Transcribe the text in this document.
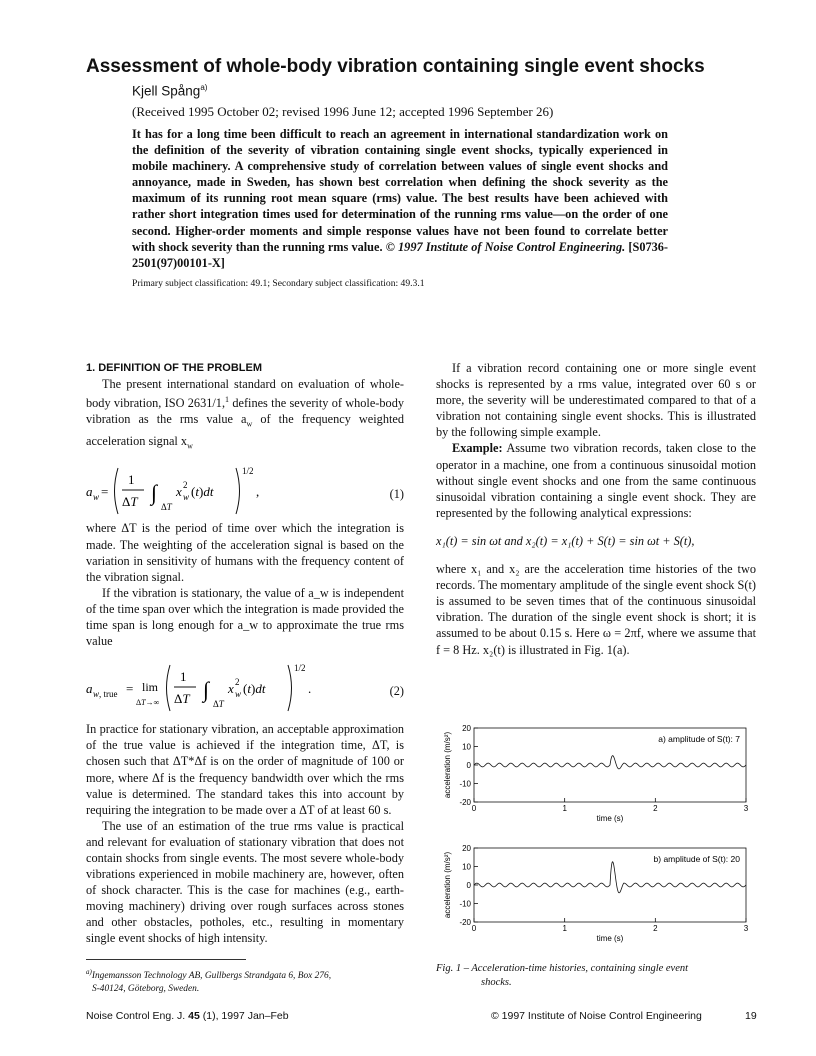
Assessment of whole-body vibration containing single event shocks
Kjell Spång$^{a)}$
(Received 1995 October 02; revised 1996 June 12; accepted 1996 September 26)
It has for a long time been difficult to reach an agreement in international standardization work on the definition of the severity of vibration containing single event shocks, typically experienced in mobile machinery. A comprehensive study of correlation between values of single event shocks and annoyance, made in Sweden, has shown best correlation when defining the shock severity as the maximum of its running root mean square (rms) value. The best results have been achieved with rather short integration times used for determination of the running rms value—on the order of one second. Higher-order moments and simple response values have not been found to correlate better with shock severity than the running rms value. © 1997 Institute of Noise Control Engineering. [S0736-2501(97)00101-X]
Primary subject classification: 49.1; Secondary subject classification: 49.3.1

1. DEFINITION OF THE PROBLEM

The present international standard on evaluation of whole-body vibration, ISO 2631/1,$^1$ defines the severity of whole-body vibration as the rms value $a_w$ of the frequency weighted acceleration signal $x_w$

a w =
1
ΔT ∫
ΔT
x 2
w (t)dt
1/2
,	(1)

where ΔT is the period of time over which the integration is made. The weighting of the acceleration signal is based on the variation in sensitivity of humans with the frequency content of the vibration signal.

If the vibration is stationary, the value of a_w is independent of the time span over which the integration is made provided the time span is long enough for a_w to approximate the true rms value

a w, true = lim
ΔT→∞
1
ΔT ∫
ΔT
x 2
w (t)dt
1/2
.	(2)

In practice for stationary vibration, an acceptable approximation of the true value is achieved if the integration time, ΔT, is chosen such that ΔT*Δf is on the order of magnitude of 100 or more, where Δf is the frequency bandwidth over which the rms value is determined. The standard takes this into account by requiring the integration to be made over a ΔT of at least 60 s.

The use of an estimation of the true rms value is practical and relevant for evaluation of stationary vibration that does not contain shocks from single events. The most severe whole-body vibrations experienced in mobile machinery are, however, often of shock character. This is the case for machines (e.g., earth-moving machinery) driving over rough surfaces across stones and other obstacles, potholes, etc., resulting in momentary single event shocks of high intensity.

If a vibration record containing one or more single event shocks is represented by a rms value, integrated over 60 s or more, the severity will be underestimated compared to that of a vibration not containing single event shocks. This is illustrated by the following simple example.

Example: Assume two vibration records, taken close to the operator in a machine, one from a continuous sinusoidal motion without single event shocks and one from the same continuous sinusoidal vibration containing a single event shock. They are represented by the following analytical expressions:

x₁(t) = sin ωt and x₂(t) = x₁(t) + S(t) = sin ωt + S(t),

where x₁ and x₂ are the acceleration time histories of the two records. The momentary amplitude of the single event shock S(t) is assumed to be seven times that of the continuous sinusoidal vibration. The duration of the single event shock is short; it is assumed to be about 0.15 s. Here ω = 2πf, where we assume that f = 8 Hz. x₂(t) is illustrated in Fig. 1(a).

20
10
0
-10
-20
0	1	2	3
a) amplitude of S(t): 7
acceleration (m/s²)
time (s)
20
10
0
-10
-20
0	1	2	3
b) amplitude of S(t): 20
acceleration (m/s²)
time (s)
$^{a)}$Ingemansson Technology AB, Gullbergs Strandgata 6, Box 276,
S-40124, Göteborg, Sweden.
Fig. 1 – Acceleration-time histories, containing single event
shocks.
Noise Control Eng. J. 45 (1), 1997 Jan–Feb	© 1997 Institute of Noise Control Engineering	19
